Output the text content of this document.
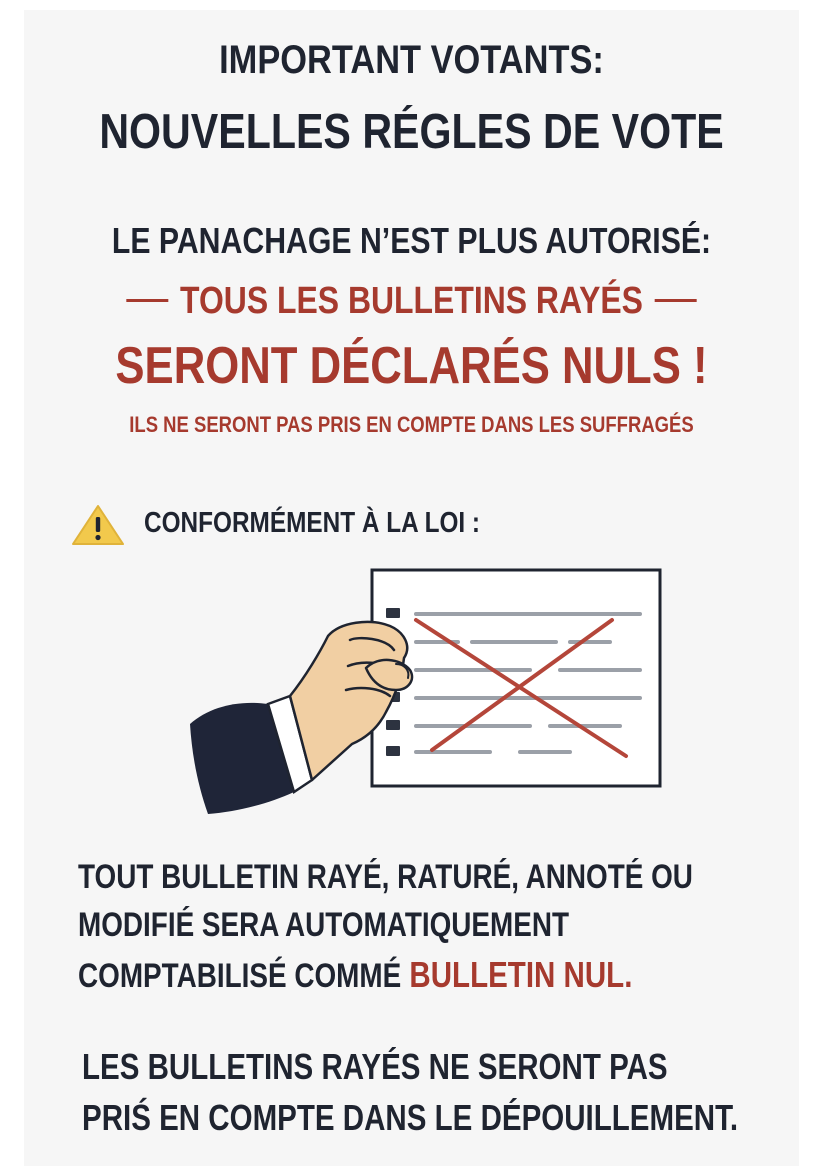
IMPORTANT VOTANTS:
NOUVELLES RÉGLES DE VOTE
LE PANACHAGE N’EST PLUS AUTORISÉ:
TOUS LES BULLETINS RAYÉS
SERONT DÉCLARÉS NULS !
ILS NE SERONT PAS PRIS EN COMPTE DANS LES SUFFRAGÉS
CONFORMÉMENT À LA LOI :
TOUT BULLETIN RAYÉ, RATURÉ, ANNOTÉ OU
MODIFIÉ SERA AUTOMATIQUEMENT
COMPTABILISÉ COMMÉ BULLETIN NUL.
LES BULLETINS RAYÉS NE SERONT PAS
PRIŚ EN COMPTE DANS LE DÉPOUILLEMENT.
